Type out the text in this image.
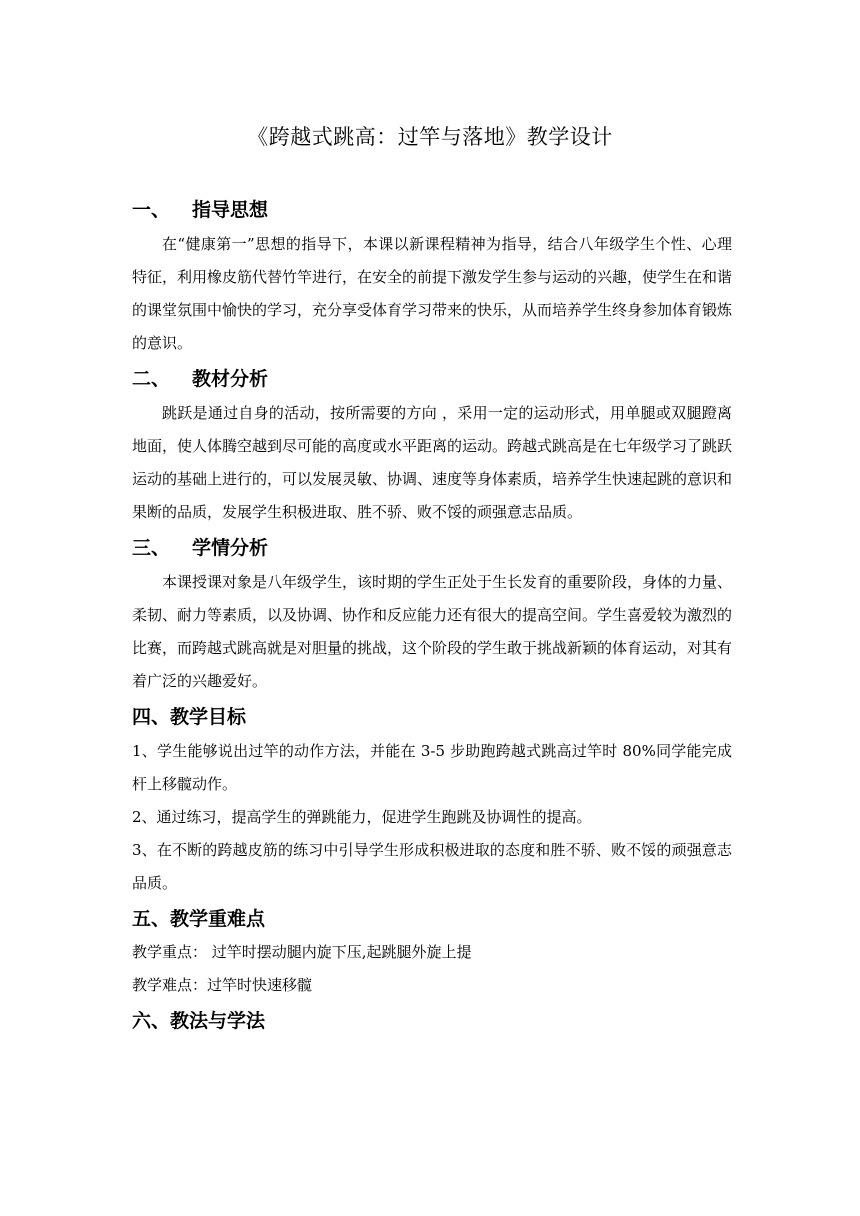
《跨越式跳高：过竿与落地》教学设计
一、 指导思想

在“健康第一”思想的指导下，本课以新课程精神为指导，结合八年级学生个性、心理特征，利用橡皮筋代替竹竿进行，在安全的前提下激发学生参与运动的兴趣，使学生在和谐的课堂氛围中愉快的学习，充分享受体育学习带来的快乐，从而培养学生终身参加体育锻炼的意识。

二、 教材分析

跳跃是通过自身的活动，按所需要的方向 ，采用一定的运动形式，用单腿或双腿蹬离地面，使人体腾空越到尽可能的高度或水平距离的运动。跨越式跳高是在七年级学习了跳跃运动的基础上进行的，可以发展灵敏、协调、速度等身体素质，培养学生快速起跳的意识和果断的品质，发展学生积极进取、胜不骄、败不馁的顽强意志品质。

三、 学情分析

本课授课对象是八年级学生，该时期的学生正处于生长发育的重要阶段，身体的力量、柔韧、耐力等素质，以及协调、协作和反应能力还有很大的提高空间。学生喜爱较为激烈的比赛，而跨越式跳高就是对胆量的挑战，这个阶段的学生敢于挑战新颖的体育运动，对其有着广泛的兴趣爱好。

四、教学目标

1、学生能够说出过竿的动作方法，并能在 3-5 步助跑跨越式跳高过竿时 80%同学能完成杆上移髋动作。

2、通过练习，提高学生的弹跳能力，促进学生跑跳及协调性的提高。

3、在不断的跨越皮筋的练习中引导学生形成积极进取的态度和胜不骄、败不馁的顽强意志品质。

五、教学重难点

教学重点： 过竿时摆动腿内旋下压,起跳腿外旋上提

教学难点：过竿时快速移髋

六、教法与学法
